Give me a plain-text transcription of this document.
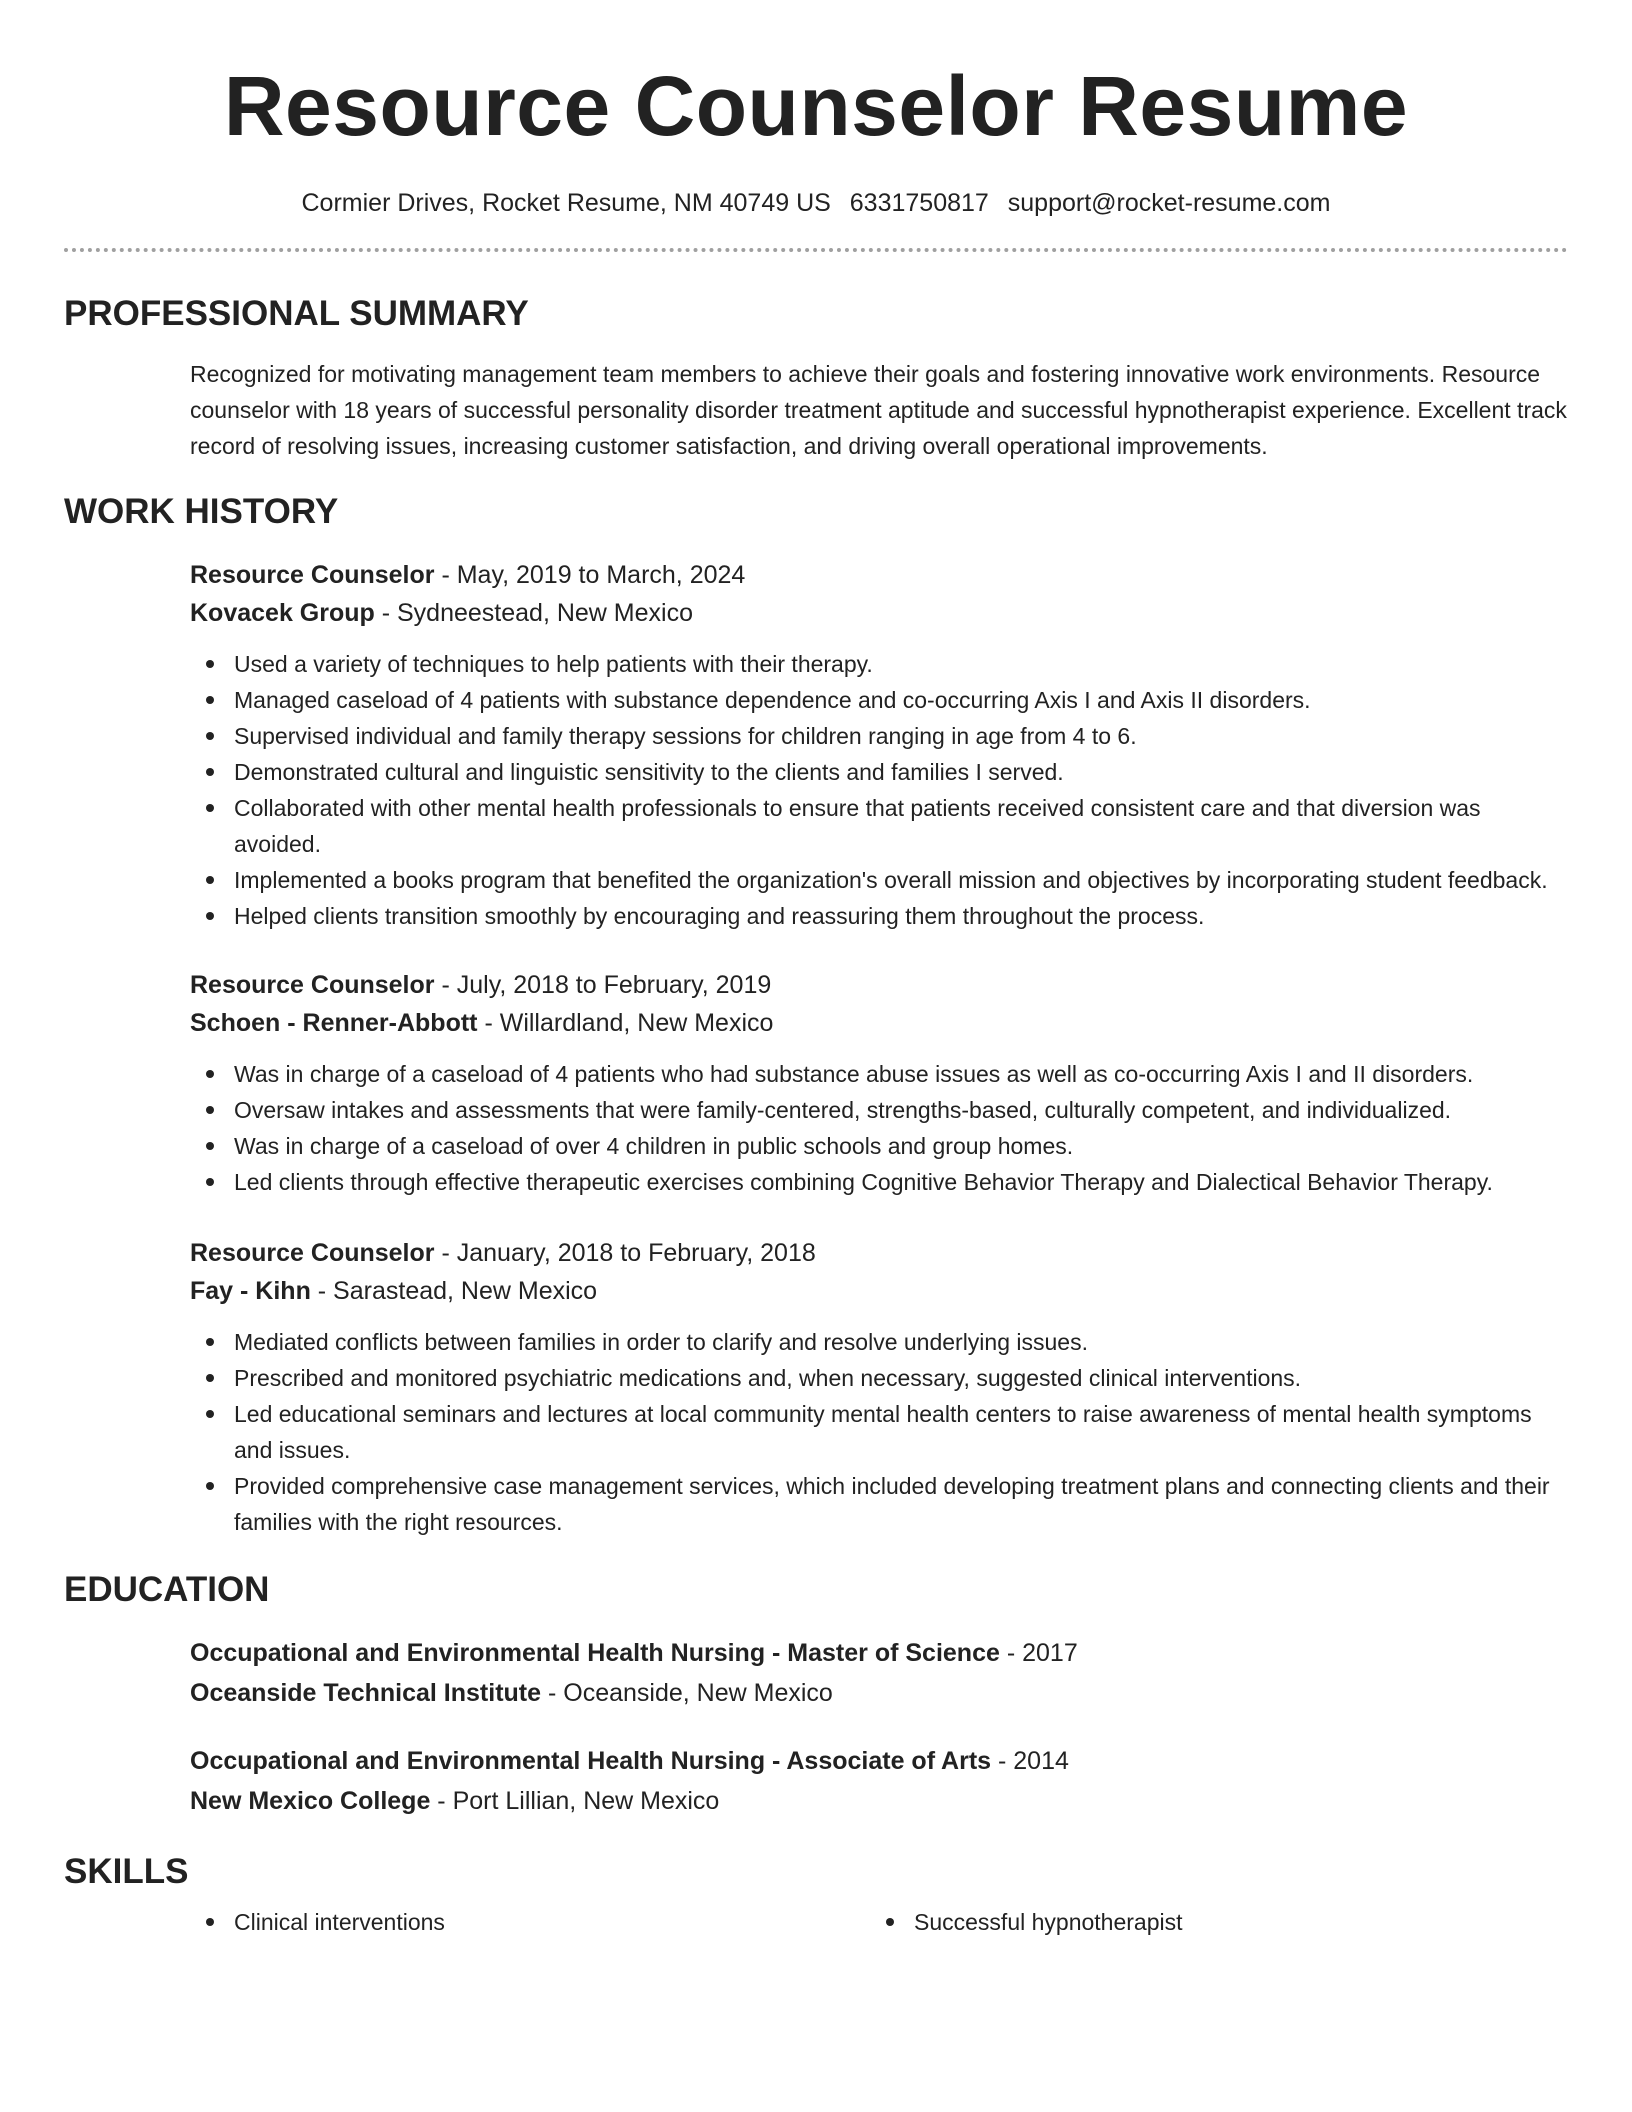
Resource Counselor Resume
Cormier Drives, Rocket Resume, NM 40749 US 6331750817 support@rocket-resume.com
PROFESSIONAL SUMMARY
Recognized for motivating management team members to achieve their goals and fostering innovative work environments. Resource counselor with 18 years of successful personality disorder treatment aptitude and successful hypnotherapist experience. Excellent track record of resolving issues, increasing customer satisfaction, and driving overall operational improvements.
WORK HISTORY
Resource Counselor - May, 2019 to March, 2024
Kovacek Group - Sydneestead, New Mexico
Used a variety of techniques to help patients with their therapy.
Managed caseload of 4 patients with substance dependence and co-occurring Axis I and Axis II disorders.
Supervised individual and family therapy sessions for children ranging in age from 4 to 6.
Demonstrated cultural and linguistic sensitivity to the clients and families I served.
Collaborated with other mental health professionals to ensure that patients received consistent care and that diversion was avoided.
Implemented a books program that benefited the organization's overall mission and objectives by incorporating student feedback.
Helped clients transition smoothly by encouraging and reassuring them throughout the process.
Resource Counselor - July, 2018 to February, 2019
Schoen - Renner-Abbott - Willardland, New Mexico
Was in charge of a caseload of 4 patients who had substance abuse issues as well as co-occurring Axis I and II disorders.
Oversaw intakes and assessments that were family-centered, strengths-based, culturally competent, and individualized.
Was in charge of a caseload of over 4 children in public schools and group homes.
Led clients through effective therapeutic exercises combining Cognitive Behavior Therapy and Dialectical Behavior Therapy.
Resource Counselor - January, 2018 to February, 2018
Fay - Kihn - Sarastead, New Mexico
Mediated conflicts between families in order to clarify and resolve underlying issues.
Prescribed and monitored psychiatric medications and, when necessary, suggested clinical interventions.
Led educational seminars and lectures at local community mental health centers to raise awareness of mental health symptoms and issues.
Provided comprehensive case management services, which included developing treatment plans and connecting clients and their families with the right resources.
EDUCATION
Occupational and Environmental Health Nursing - Master of Science - 2017
Oceanside Technical Institute - Oceanside, New Mexico
Occupational and Environmental Health Nursing - Associate of Arts - 2014
New Mexico College - Port Lillian, New Mexico
SKILLS
Clinical interventions	Successful hypnotherapist
